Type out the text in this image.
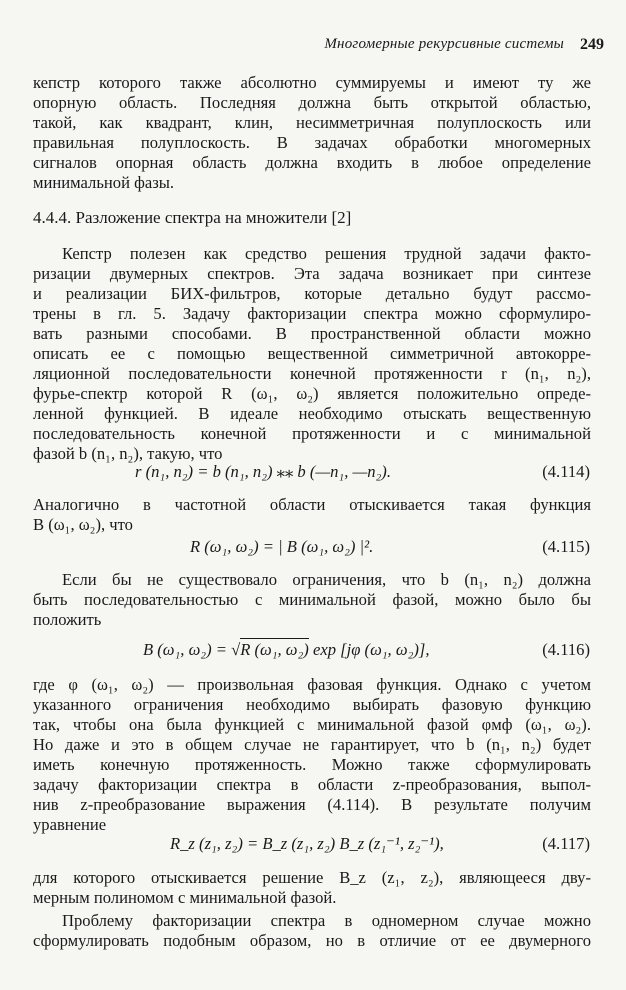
Многомерные рекурсивные системы 249
кепстр которого также абсолютно суммируемы и имеют ту же
опорную область. Последняя должна быть открытой областью,
такой, как квадрант, клин, несимметричная полуплоскость или
правильная полуплоскость. В задачах обработки многомерных
сигналов опорная область должна входить в любое определение
минимальной фазы.
4.4.4. Разложение спектра на множители [2]
Кепстр полезен как средство решения трудной задачи факто-
ризации двумерных спектров. Эта задача возникает при синтезе
и реализации БИХ-фильтров, которые детально будут рассмо-
трены в гл. 5. Задачу факторизации спектра можно сформулиро-
вать разными способами. В пространственной области можно
описать ее с помощью вещественной симметричной автокорре-
ляционной последовательности конечной протяженности r (n₁, n₂),
фурье-спектр которой R (ω₁, ω₂) является положительно опреде-
ленной функцией. В идеале необходимо отыскать вещественную
последовательность конечной протяженности и с минимальной
фазой b (n₁, n₂), такую, что
r (n₁, n₂) = b (n₁, n₂) ⁎⁎ b (—n₁, —n₂).	(4.114)
Аналогично в частотной области отыскивается такая функция
B (ω₁, ω₂), что
R (ω₁, ω₂) = | B (ω₁, ω₂) |².	(4.115)
Если бы не существовало ограничения, что b (n₁, n₂) должна
быть последовательностью с минимальной фазой, можно было бы
положить
B (ω₁, ω₂) = √R (ω₁, ω₂) exp [jφ (ω₁, ω₂)],	(4.116)
где φ (ω₁, ω₂) — произвольная фазовая функция. Однако с учетом
указанного ограничения необходимо выбирать фазовую функцию
так, чтобы она была функцией с минимальной фазой φмф (ω₁, ω₂).
Но даже и это в общем случае не гарантирует, что b (n₁, n₂) будет
иметь конечную протяженность. Можно также сформулировать
задачу факторизации спектра в области z-преобразования, выпол-
нив z-преобразование выражения (4.114). В результате получим
уравнение
R_z (z₁, z₂) = B_z (z₁, z₂) B_z (z₁⁻¹, z₂⁻¹),	(4.117)
для которого отыскивается решение B_z (z₁, z₂), являющееся дву-
мерным полиномом с минимальной фазой.
Проблему факторизации спектра в одномерном случае можно
сформулировать подобным образом, но в отличие от ее двумерного
